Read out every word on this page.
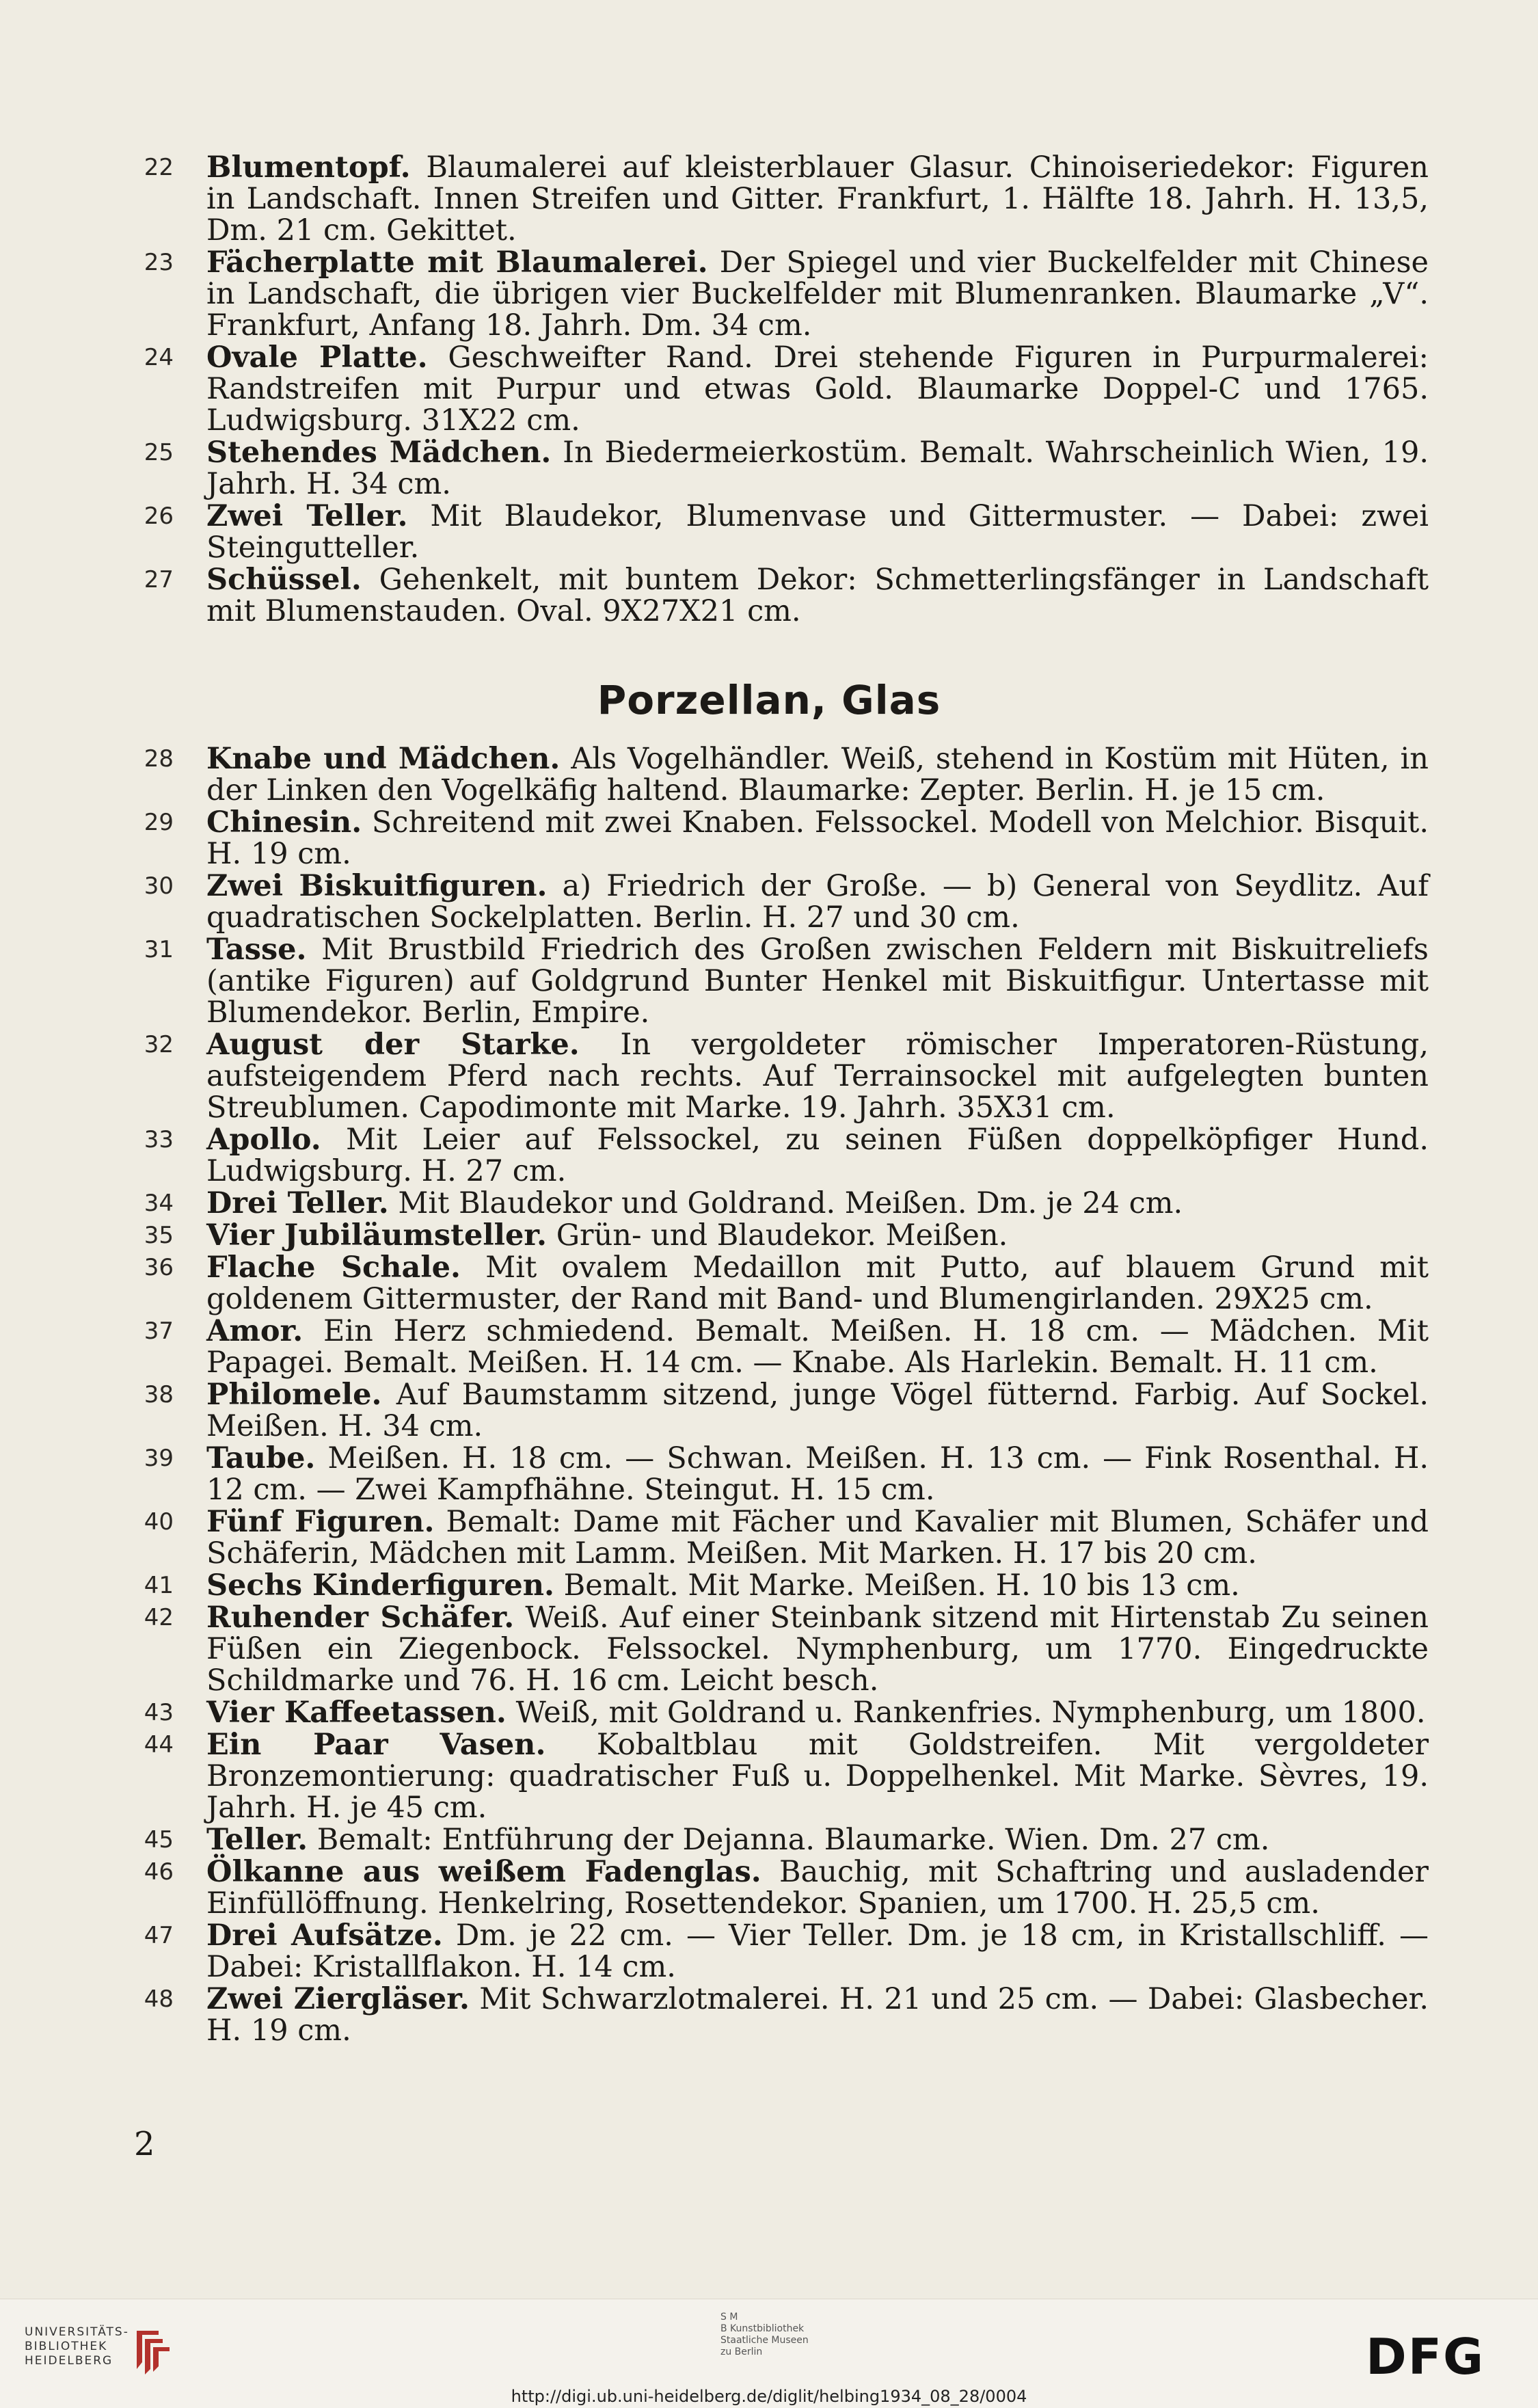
22 Blumentopf. Blaumalerei auf kleisterblauer Glasur. Chinoiseriedekor: Figuren in Landschaft. Innen Streifen und Gitter. Frankfurt, 1. Hälfte 18. Jahrh. H. 13,5, Dm. 21 cm. Gekittet.
23 Fächerplatte mit Blaumalerei. Der Spiegel und vier Buckelfelder mit Chinese in Landschaft, die übrigen vier Buckelfelder mit Blumenranken. Blaumarke „V“. Frankfurt, Anfang 18. Jahrh. Dm. 34 cm.
24 Ovale Platte. Geschweifter Rand. Drei stehende Figuren in Purpurmalerei: Randstreifen mit Purpur und etwas Gold. Blaumarke Doppel-C und 1765. Ludwigsburg. 31X22 cm.
25 Stehendes Mädchen. In Biedermeierkostüm. Bemalt. Wahrscheinlich Wien, 19. Jahrh. H. 34 cm.
26 Zwei Teller. Mit Blaudekor, Blumenvase und Gittermuster. — Dabei: zwei Steingutteller.
27 Schüssel. Gehenkelt, mit buntem Dekor: Schmetterlingsfänger in Landschaft mit Blumenstauden. Oval. 9X27X21 cm.
Porzellan, Glas
28 Knabe und Mädchen. Als Vogelhändler. Weiß, stehend in Kostüm mit Hüten, in der Linken den Vogelkäfig haltend. Blaumarke: Zepter. Berlin. H. je 15 cm.
29 Chinesin. Schreitend mit zwei Knaben. Felssockel. Modell von Melchior. Bisquit. H. 19 cm.
30 Zwei Biskuitfiguren. a) Friedrich der Große. — b) General von Seydlitz. Auf quadratischen Sockelplatten. Berlin. H. 27 und 30 cm.
31 Tasse. Mit Brustbild Friedrich des Großen zwischen Feldern mit Biskuitreliefs (antike Figuren) auf Goldgrund Bunter Henkel mit Biskuitfigur. Untertasse mit Blumendekor. Berlin, Empire.
32 August der Starke. In vergoldeter römischer Imperatoren-Rüstung, aufsteigendem Pferd nach rechts. Auf Terrainsockel mit aufgelegten bunten Streublumen. Capodimonte mit Marke. 19. Jahrh. 35X31 cm.
33 Apollo. Mit Leier auf Felssockel, zu seinen Füßen doppelköpfiger Hund. Ludwigsburg. H. 27 cm.
34 Drei Teller. Mit Blaudekor und Goldrand. Meißen. Dm. je 24 cm.
35 Vier Jubiläumsteller. Grün- und Blaudekor. Meißen.
36 Flache Schale. Mit ovalem Medaillon mit Putto, auf blauem Grund mit goldenem Gittermuster, der Rand mit Band- und Blumengirlanden. 29X25 cm.
37 Amor. Ein Herz schmiedend. Bemalt. Meißen. H. 18 cm. — Mädchen. Mit Papagei. Bemalt. Meißen. H. 14 cm. — Knabe. Als Harlekin. Bemalt. H. 11 cm.
38 Philomele. Auf Baumstamm sitzend, junge Vögel fütternd. Farbig. Auf Sockel. Meißen. H. 34 cm.
39 Taube. Meißen. H. 18 cm. — Schwan. Meißen. H. 13 cm. — Fink Rosenthal. H. 12 cm. — Zwei Kampfhähne. Steingut. H. 15 cm.
40 Fünf Figuren. Bemalt: Dame mit Fächer und Kavalier mit Blumen, Schäfer und Schäferin, Mädchen mit Lamm. Meißen. Mit Marken. H. 17 bis 20 cm.
41 Sechs Kinderfiguren. Bemalt. Mit Marke. Meißen. H. 10 bis 13 cm.
42 Ruhender Schäfer. Weiß. Auf einer Steinbank sitzend mit Hirtenstab Zu seinen Füßen ein Ziegenbock. Felssockel. Nymphenburg, um 1770. Eingedruckte Schildmarke und 76. H. 16 cm. Leicht besch.
43 Vier Kaffeetassen. Weiß, mit Goldrand u. Rankenfries. Nymphenburg, um 1800.
44 Ein Paar Vasen. Kobaltblau mit Goldstreifen. Mit vergoldeter Bronzemontierung: quadratischer Fuß u. Doppelhenkel. Mit Marke. Sèvres, 19. Jahrh. H. je 45 cm.
45 Teller. Bemalt: Entführung der Dejanna. Blaumarke. Wien. Dm. 27 cm.
46 Ölkanne aus weißem Fadenglas. Bauchig, mit Schaftring und ausladender Einfüllöffnung. Henkelring, Rosettendekor. Spanien, um 1700. H. 25,5 cm.
47 Drei Aufsätze. Dm. je 22 cm. — Vier Teller. Dm. je 18 cm, in Kristallschliff. — Dabei: Kristallflakon. H. 14 cm.
48 Zwei Ziergläser. Mit Schwarzlotmalerei. H. 21 und 25 cm. — Dabei: Glasbecher. H. 19 cm.
2
UNIVERSITÄTS-
BIBLIOTHEK
HEIDELBERG
S M
B Kunstbibliothek
Staatliche Museen
zu Berlin	DFG
http://digi.ub.uni-heidelberg.de/diglit/helbing1934_08_28/0004
